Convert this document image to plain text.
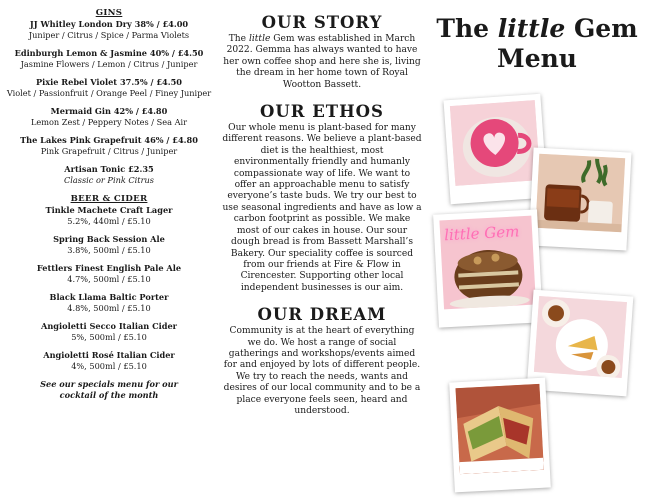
GINS
JJ Whitley London Dry 38% / £4.00
Juniper / Citrus / Spice / Parma Violets
Edinburgh Lemon & Jasmine 40% / £4.50
Jasmine Flowers / Lemon / Citrus / Juniper
Pixie Rebel Violet 37.5% / £4.50
Violet / Passionfruit / Orange Peel / Finey Juniper
Mermaid Gin 42% / £4.80
Lemon Zest / Peppery Notes / Sea Air
The Lakes Pink Grapefruit 46% / £4.80
Pink Grapefruit / Citrus / Juniper
Artisan Tonic £2.35
Classic or Pink Citrus
BEER & CIDER
Tinkle Machete Craft Lager
5.2%, 440ml / £5.10
Spring Back Session Ale
3.8%, 500ml / £5.10
Fettlers Finest English Pale Ale
4.7%, 500ml / £5.10
Black Llama Baltic Porter
4.8%, 500ml / £5.10
Angioletti Secco Italian Cider
5%, 500ml / £5.10
Angioletti Rosé Italian Cider
4%, 500ml / £5.10
See our specials menu for our cocktail of the month
OUR STORY

The little Gem was established in March 2022. Gemma has always wanted to have her own coffee shop and here she is, living the dream in her home town of Royal Wootton Bassett.

OUR ETHOS

Our whole menu is plant-based for many different reasons. We believe a plant-based diet is the healthiest, most environmentally friendly and humanly compassionate way of life. We want to offer an approachable menu to satisfy everyone’s taste buds. We try our best to use seasonal ingredients and have as low a carbon footprint as possible. We make most of our cakes in house. Our sour dough bread is from Bassett Marshall’s Bakery. Our speciality coffee is sourced from our friends at Fire & Flow in Cirencester. Supporting other local independent businesses is our aim.

OUR DREAM

Community is at the heart of everything we do. We host a range of social gatherings and workshops/events aimed for and enjoyed by lots of different people. We try to reach the needs, wants and desires of our local community and to be a place everyone feels seen, heard and understood.

The little Gem
Menu
little Gem
